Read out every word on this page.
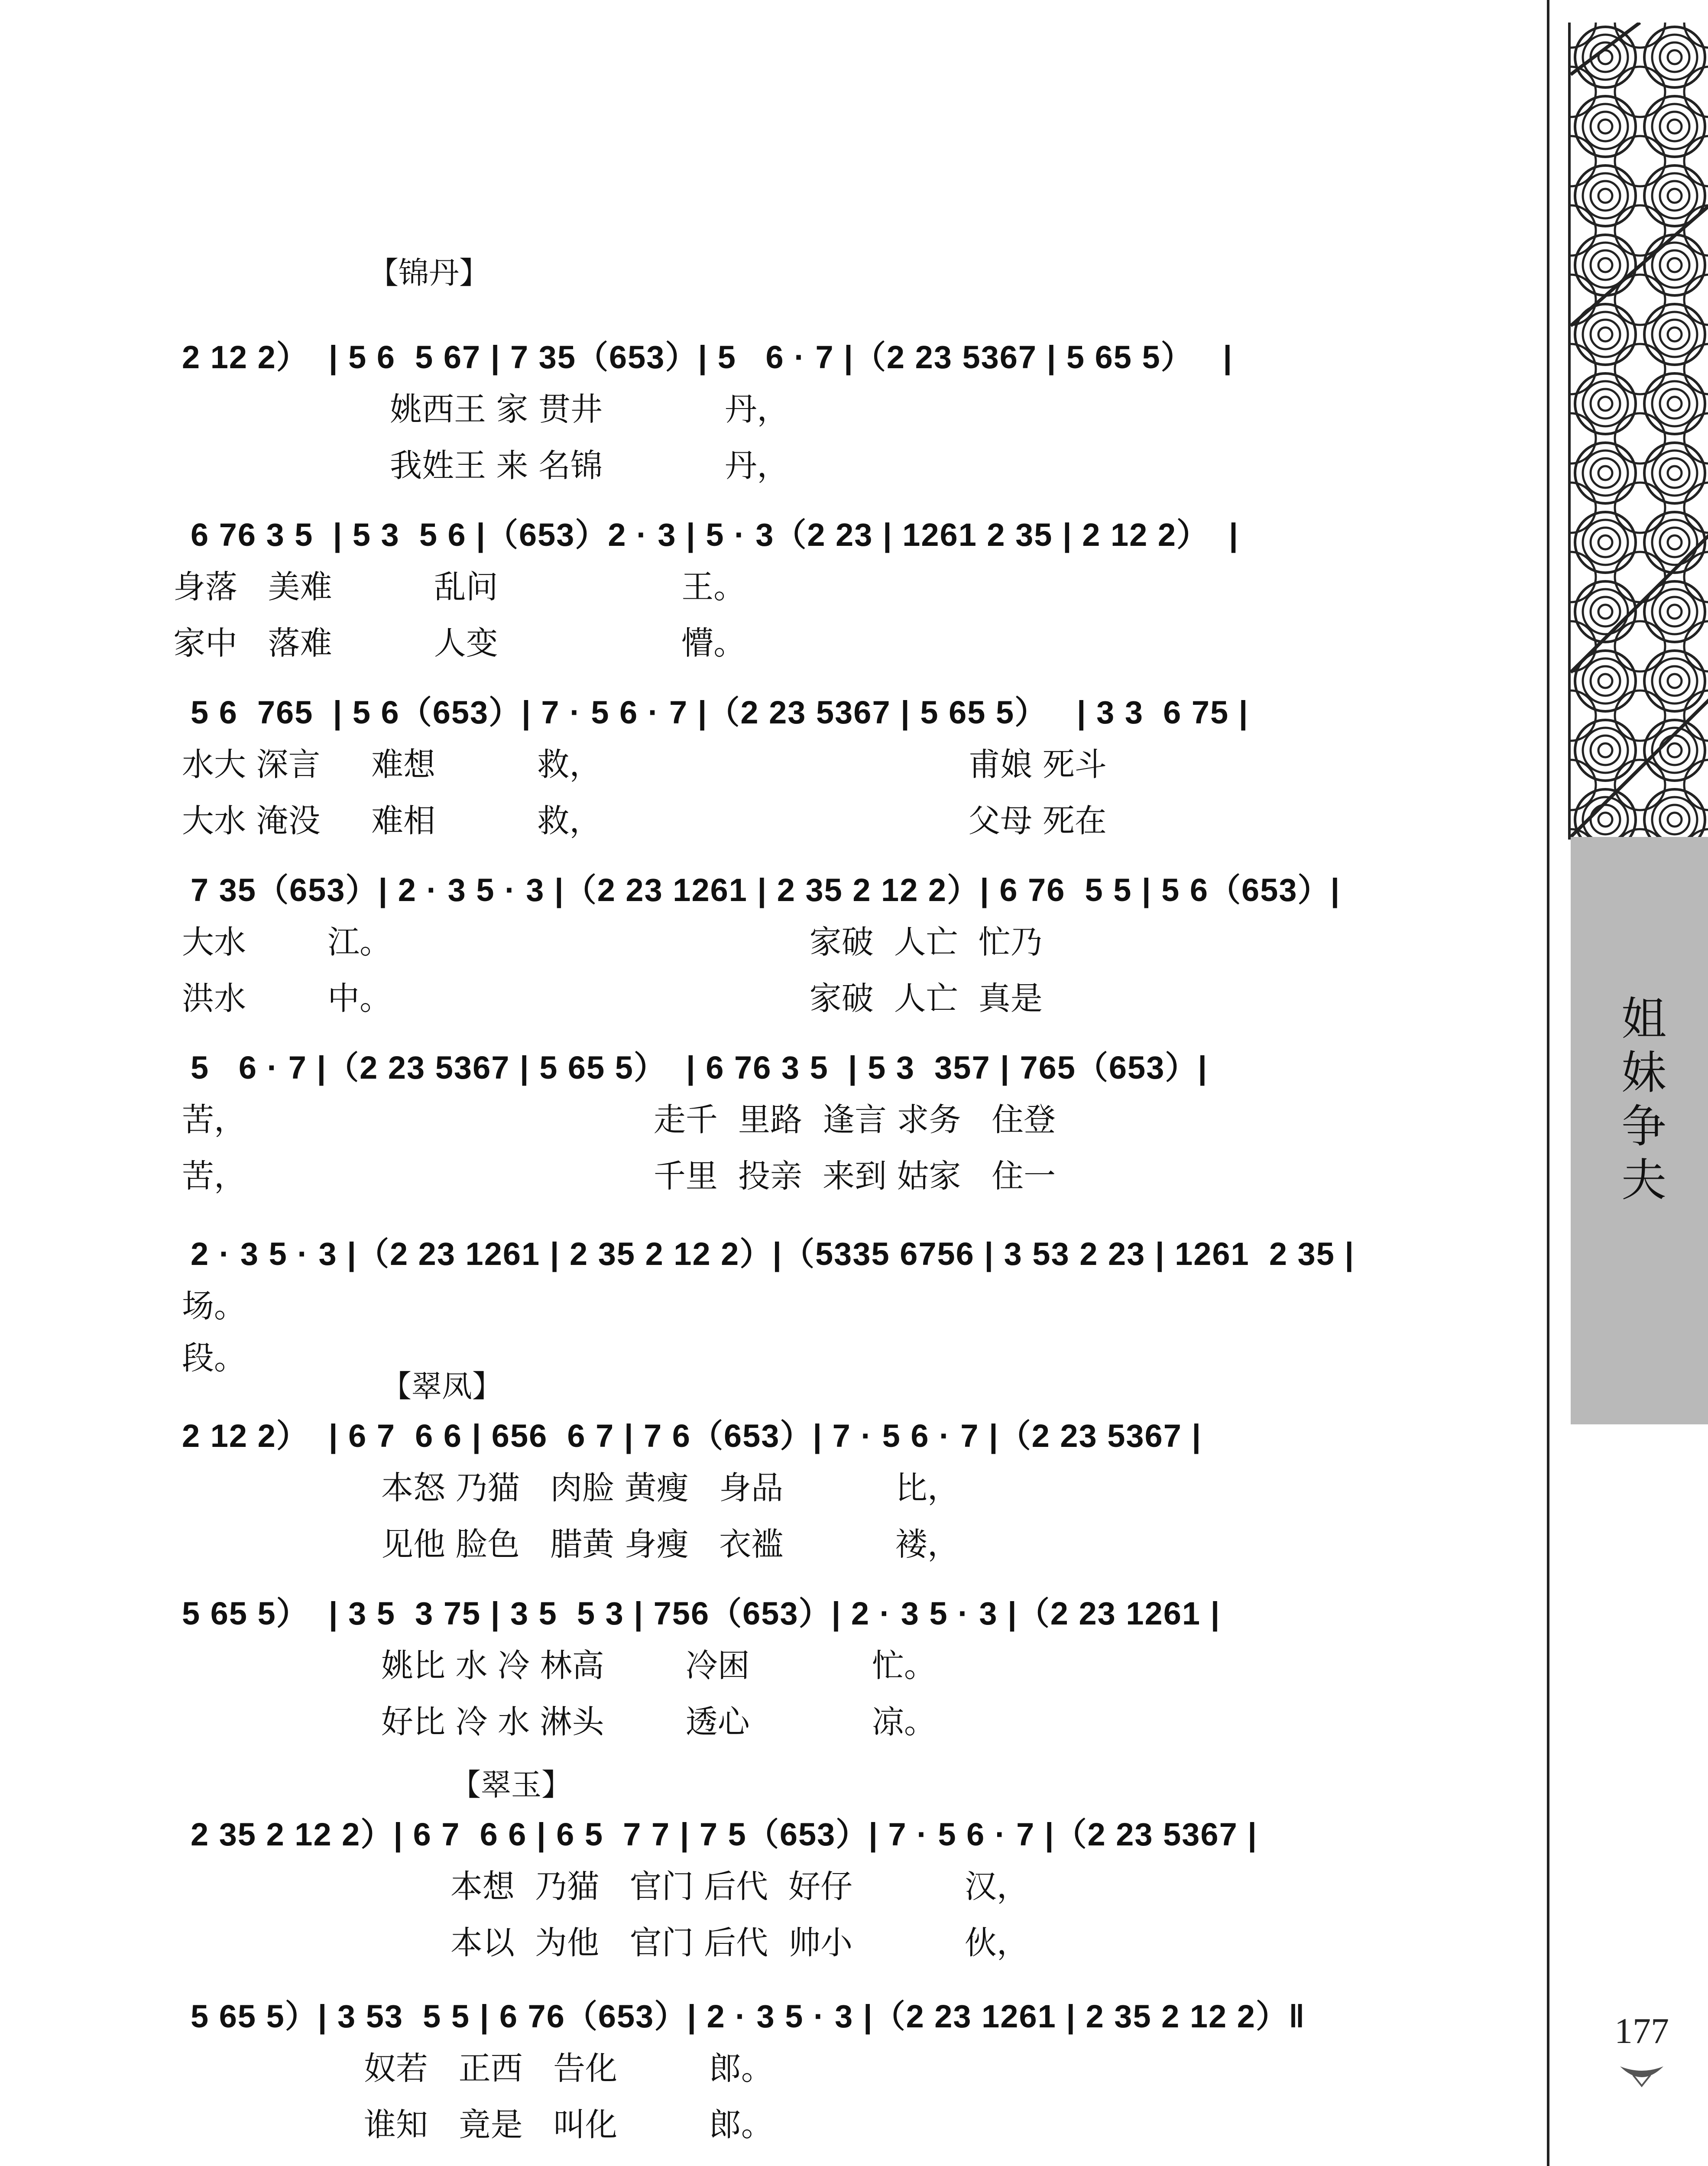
【锦丹】
2 12 2）  | 5 6  5 67 | 7 35（653）| 5   6 · 7 |（2 23 5367 | 5 65 5）   |
姚西王 家 贯井            丹，
我姓王 来 名锦            丹，
6 76 3 5  | 5 3  5 6 |（653）2 · 3 | 5 · 3（2 23 | 1261 2 35 | 2 12 2）  |
身落   美难          乱问                  王。
家中   落难          人变                  懵。
5 6  765  | 5 6（653）| 7 · 5 6 · 7 |（2 23 5367 | 5 65 5）   | 3 3  6 75 |
水大 深言     难想          救，                                    甫娘 死斗
大水 淹没     难相          救，                                    父母 死在
7 35（653）| 2 · 3 5 · 3 |（2 23 1261 | 2 35 2 12 2）| 6 76  5 5 | 5 6（653）|
大水        江。                                         家破  人亡  忙乃
洪水        中。                                         家破  人亡  真是
5   6 · 7 |（2 23 5367 | 5 65 5）  | 6 76 3 5  | 5 3  357 | 765（653）|
苦，                                        走千  里路  逢言 求务   住登
苦，                                        千里  投亲  来到 姑家   住一
2 · 3 5 · 3 |（2 23 1261 | 2 35 2 12 2）|（5335 6756 | 3 53 2 23 | 1261  2 35 |
场。
段。
【翠凤】
2 12 2）  | 6 7  6 6 | 656  6 7 | 7 6（653）| 7 · 5 6 · 7 |（2 23 5367 |
本怒 乃猫   肉脸 黄瘦   身品           比，
见他 脸色   腊黄 身瘦   衣褴           褛，
5 65 5）  | 3 5  3 75 | 3 5  5 3 | 756（653）| 2 · 3 5 · 3 |（2 23 1261 |
姚比 水 冷 林高        冷困            忙。
好比 冷 水 淋头        透心            凉。
【翠玉】
2 35 2 12 2）| 6 7  6 6 | 6 5  7 7 | 7 5（653）| 7 · 5 6 · 7 |（2 23 5367 |
本想  乃猫   官门 后代  好仔           汉，
本以  为他   官门 后代  帅小           伙，
5 65 5）| 3 53  5 5 | 6 76（653）| 2 · 3 5 · 3 |（2 23 1261 | 2 35 2 12 2）‖
奴若   正西   告化         郎。
谁知   竟是   叫化         郎。
姐妹争夫
177
